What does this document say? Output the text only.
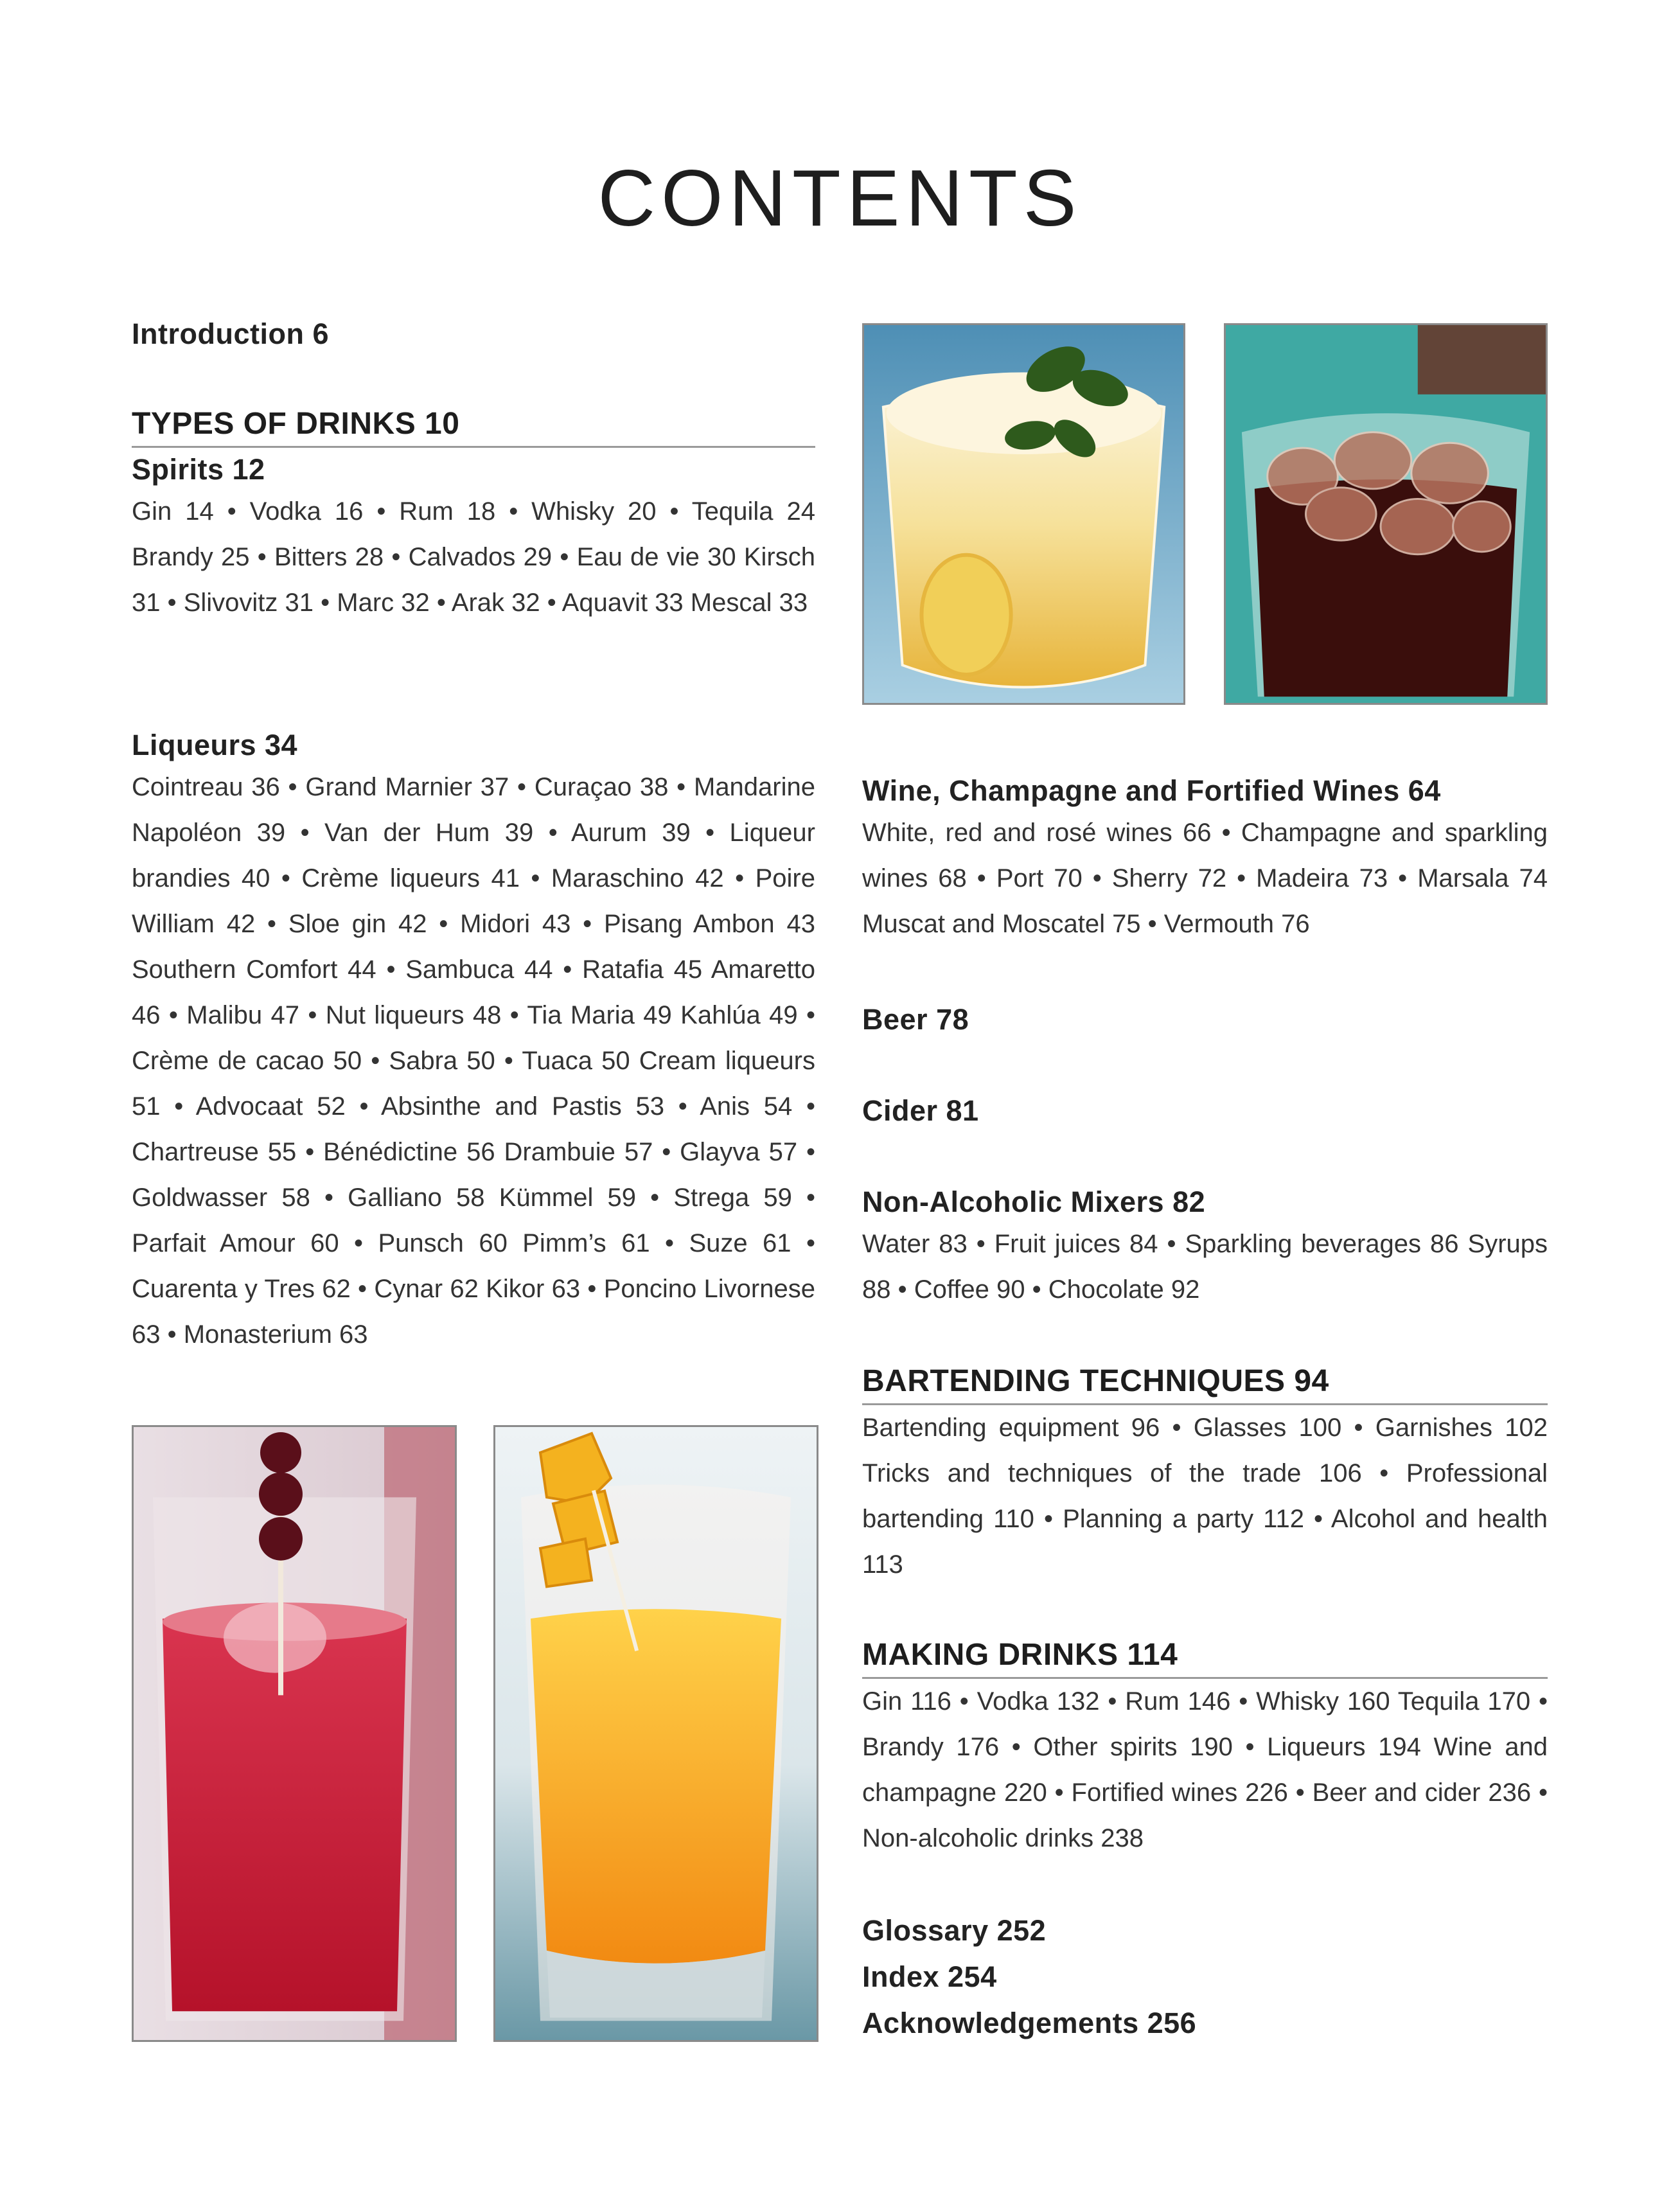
CONTENTS
Introduction 6
TYPES OF DRINKS 10
Spirits 12

Gin 14 • Vodka 16 • Rum 18 • Whisky 20 • Tequila 24 Brandy 25 • Bitters 28 • Calvados 29 • Eau de vie 30 Kirsch 31 • Slivovitz 31 • Marc 32 • Arak 32 • Aquavit 33 Mescal 33

Liqueurs 34

Cointreau 36 • Grand Marnier 37 • Curaçao 38 • Mandarine Napoléon 39 • Van der Hum 39 • Aurum 39 • Liqueur brandies 40 • Crème liqueurs 41 • Maraschino 42 • Poire William 42 • Sloe gin 42 • Midori 43 • Pisang Ambon 43 Southern Comfort 44 • Sambuca 44 • Ratafia 45 Amaretto 46 • Malibu 47 • Nut liqueurs 48 • Tia Maria 49 Kahlúa 49 • Crème de cacao 50 • Sabra 50 • Tuaca 50 Cream liqueurs 51 • Advocaat 52 • Absinthe and Pastis 53 • Anis 54 • Chartreuse 55 • Bénédictine 56 Drambuie 57 • Glayva 57 • Goldwasser 58 • Galliano 58 Kümmel 59 • Strega 59 • Parfait Amour 60 • Punsch 60 Pimm’s 61 • Suze 61 • Cuarenta y Tres 62 • Cynar 62 Kikor 63 • Poncino Livornese 63 • Monasterium 63

Wine, Champagne and Fortified Wines 64

White, red and rosé wines 66 • Champagne and sparkling wines 68 • Port 70 • Sherry 72 • Madeira 73 • Marsala 74 Muscat and Moscatel 75 • Vermouth 76

Beer 78
Cider 81
Non-Alcoholic Mixers 82

Water 83 • Fruit juices 84 • Sparkling beverages 86 Syrups 88 • Coffee 90 • Chocolate 92

BARTENDING TECHNIQUES 94

Bartending equipment 96 • Glasses 100 • Garnishes 102 Tricks and techniques of the trade 106 • Professional bartending 110 • Planning a party 112 • Alcohol and health 113

MAKING DRINKS 114

Gin 116 • Vodka 132 • Rum 146 • Whisky 160 Tequila 170 • Brandy 176 • Other spirits 190 • Liqueurs 194 Wine and champagne 220 • Fortified wines 226 • Beer and cider 236 • Non-alcoholic drinks 238

Glossary 252
Index 254
Acknowledgements 256
